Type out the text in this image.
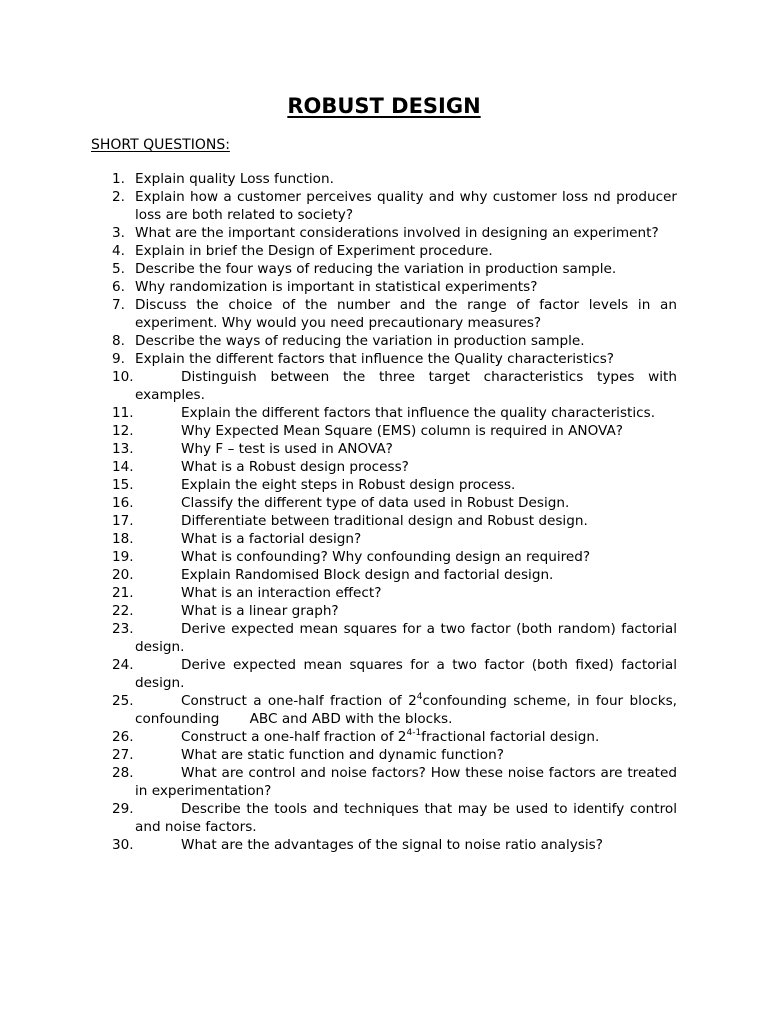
ROBUST DESIGN
SHORT QUESTIONS:
1. Explain quality Loss function.
2. Explain how a customer perceives quality and why customer loss nd producer loss are both related to society?
3. What are the important considerations involved in designing an experiment?
4. Explain in brief the Design of Experiment procedure.
5. Describe the four ways of reducing the variation in production sample.
6. Why randomization is important in statistical experiments?
7. Discuss the choice of the number and the range of factor levels in an experiment. Why would you need precautionary measures?
8. Describe the ways of reducing the variation in production sample.
9. Explain the different factors that influence the Quality characteristics?
10.	Distinguish between the three target characteristics types with examples.
11.	Explain the different factors that influence the quality characteristics.
12.	Why Expected Mean Square (EMS) column is required in ANOVA?
13.	Why F – test is used in ANOVA?
14.	What is a Robust design process?
15.	Explain the eight steps in Robust design process.
16.	Classify the different type of data used in Robust Design.
17.	Differentiate between traditional design and Robust design.
18.	What is a factorial design?
19.	What is confounding? Why confounding design an required?
20.	Explain Randomised Block design and factorial design.
21.	What is an interaction effect?
22.	What is a linear graph?
23.	Derive expected mean squares for a two factor (both random) factorial design.
24.	Derive expected mean squares for a two factor (both fixed) factorial design.
25.	Construct a one-half fraction of $2^4confounding$ scheme, in four blocks, confounding       ABC and ABD with the blocks.
26.	Construct a one-half fraction of 2$^{4-1}$fractional factorial design.
27.	What are static function and dynamic function?
28.	What are control and noise factors? How these noise factors are treated in experimentation?
29.	Describe the tools and techniques that may be used to identify control and noise factors.
30.	What are the advantages of the signal to noise ratio analysis?
